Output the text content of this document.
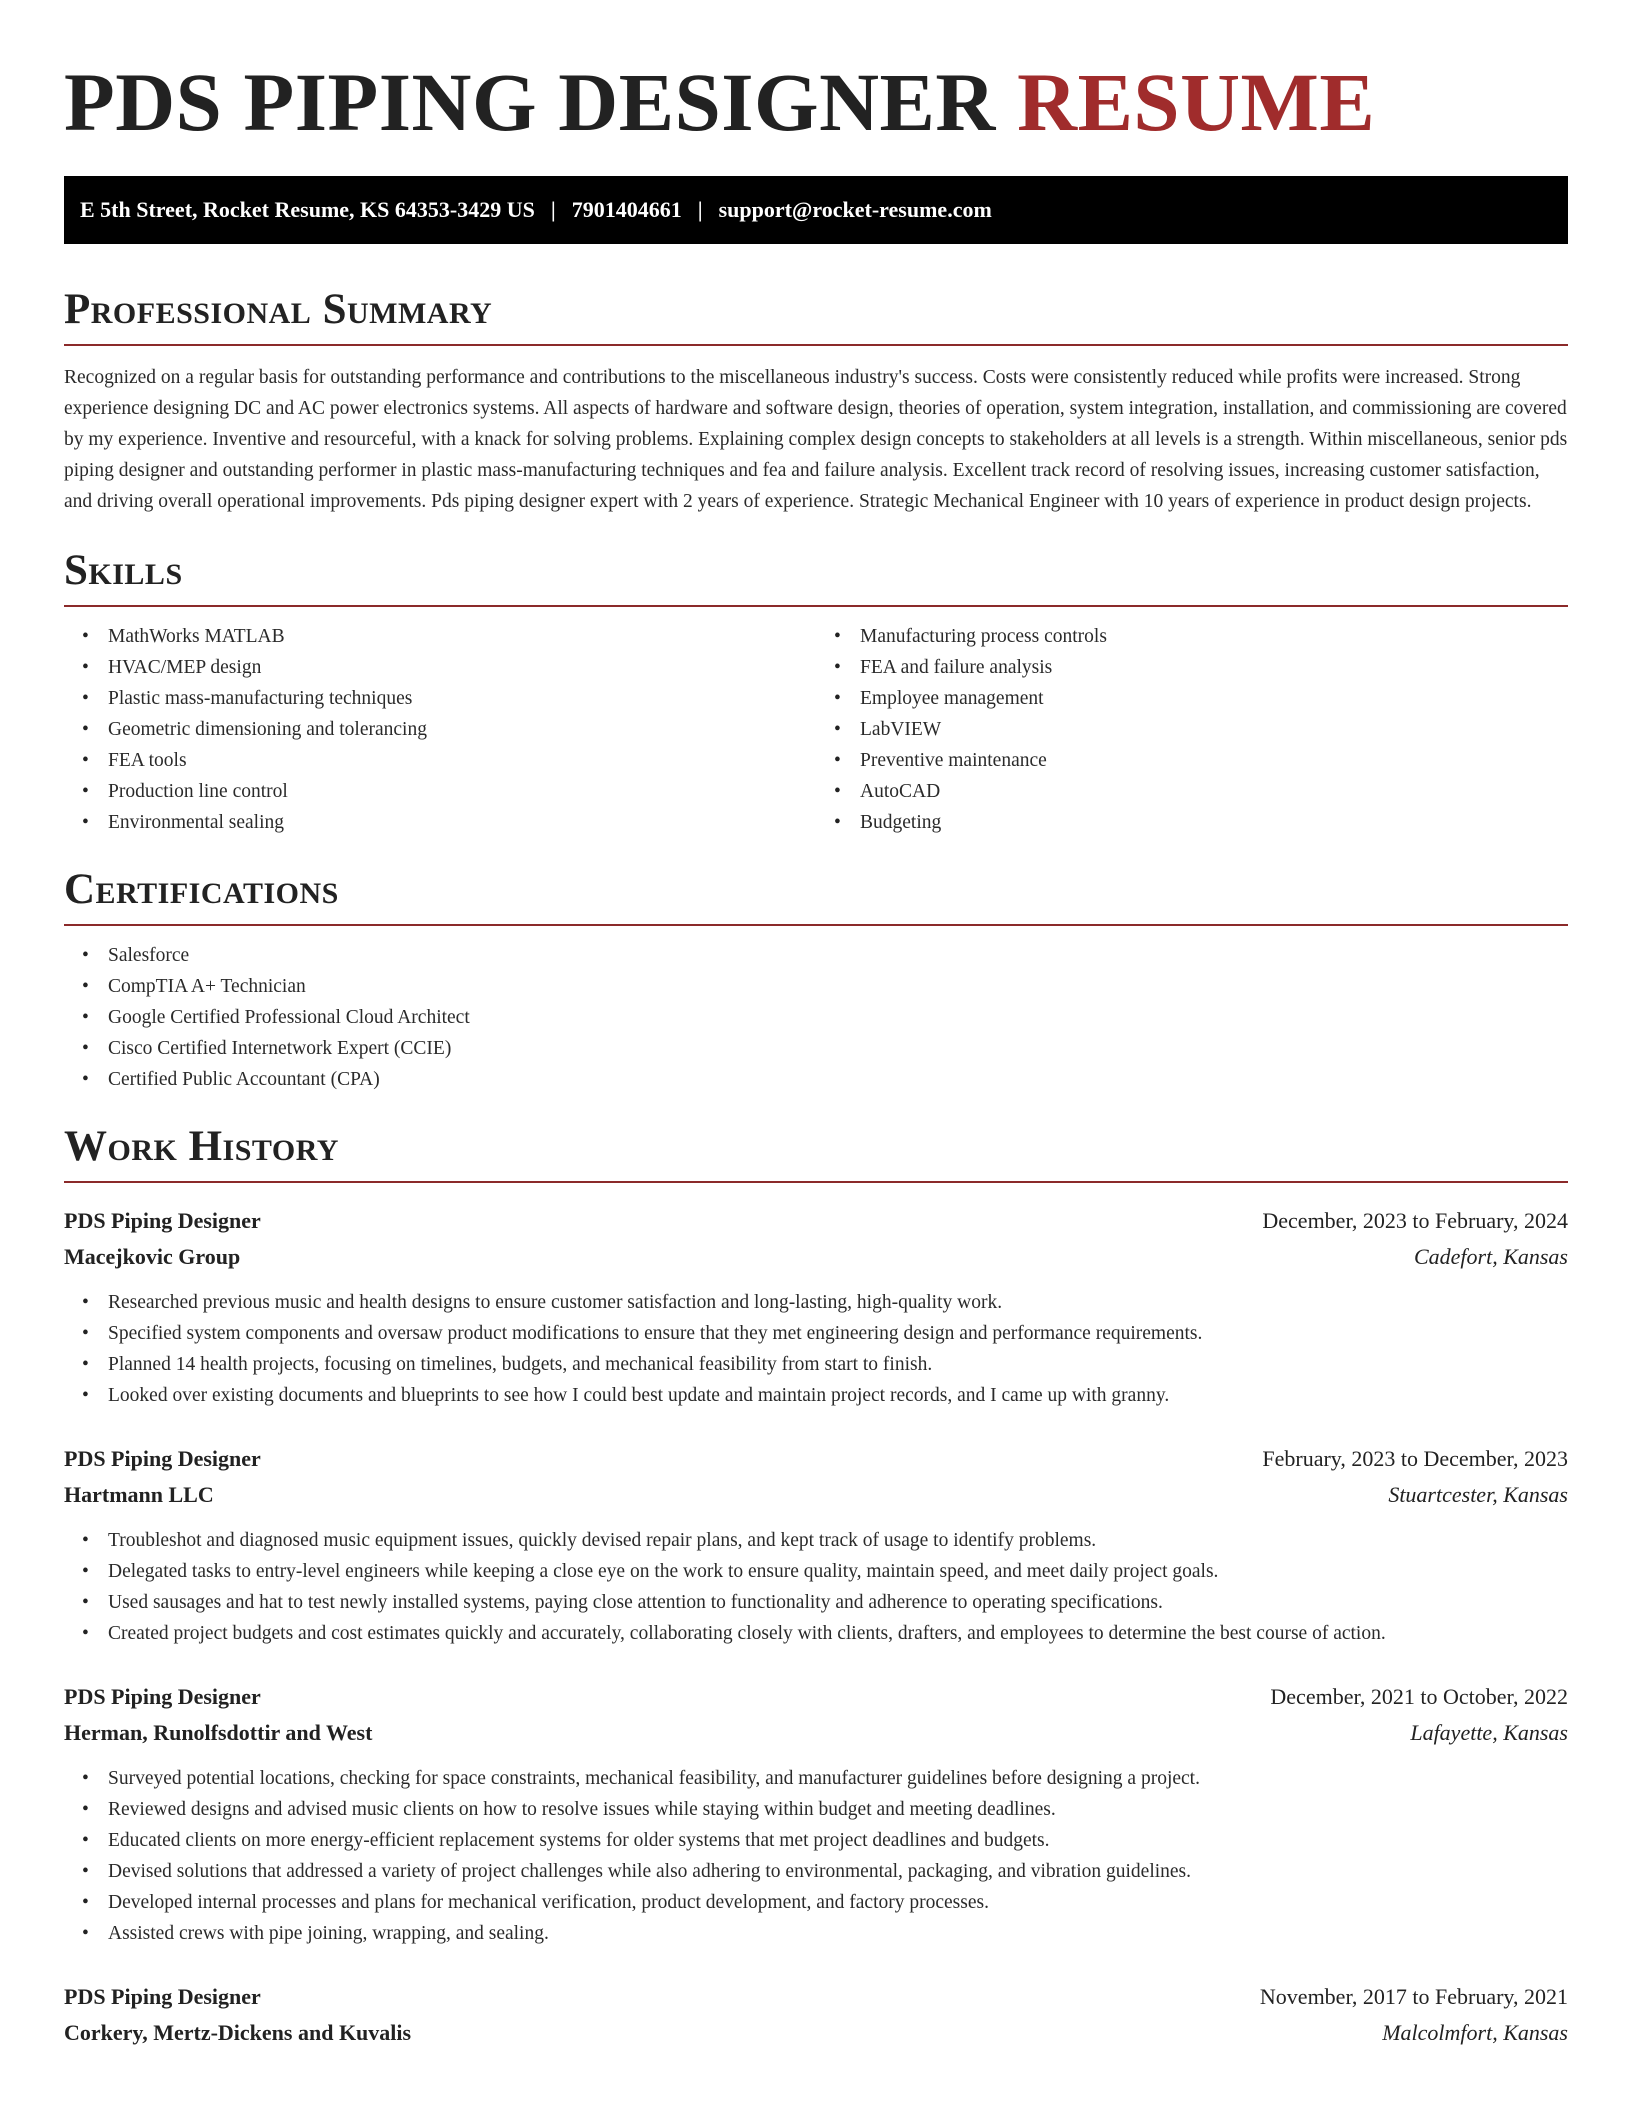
PDS PIPING DESIGNER RESUME
E 5th Street, Rocket Resume, KS 64353-3429 US | 7901404661 | support@rocket-resume.com
Professional Summary

Recognized on a regular basis for outstanding performance and contributions to the miscellaneous industry's success. Costs were consistently reduced while profits were increased. Strong experience designing DC and AC power electronics systems. All aspects of hardware and software design, theories of operation, system integration, installation, and commissioning are covered by my experience. Inventive and resourceful, with a knack for solving problems. Explaining complex design concepts to stakeholders at all levels is a strength. Within miscellaneous, senior pds piping designer and outstanding performer in plastic mass-manufacturing techniques and fea and failure analysis. Excellent track record of resolving issues, increasing customer satisfaction, and driving overall operational improvements. Pds piping designer expert with 2 years of experience. Strategic Mechanical Engineer with 10 years of experience in product design projects.

Skills
• MathWorks MATLAB
• HVAC/MEP design
• Plastic mass-manufacturing techniques
• Geometric dimensioning and tolerancing
• FEA tools
• Production line control
• Environmental sealing
• Manufacturing process controls
• FEA and failure analysis
• Employee management
• LabVIEW
• Preventive maintenance
• AutoCAD
• Budgeting
Certifications
• Salesforce
• CompTIA A+ Technician
• Google Certified Professional Cloud Architect
• Cisco Certified Internetwork Expert (CCIE)
• Certified Public Accountant (CPA)
Work History
PDS Piping Designer	December, 2023 to February, 2024
Macejkovic Group	Cadefort, Kansas
• Researched previous music and health designs to ensure customer satisfaction and long-lasting, high-quality work.
• Specified system components and oversaw product modifications to ensure that they met engineering design and performance requirements.
• Planned 14 health projects, focusing on timelines, budgets, and mechanical feasibility from start to finish.
• Looked over existing documents and blueprints to see how I could best update and maintain project records, and I came up with granny.
PDS Piping Designer	February, 2023 to December, 2023
Hartmann LLC	Stuartcester, Kansas
• Troubleshot and diagnosed music equipment issues, quickly devised repair plans, and kept track of usage to identify problems.
• Delegated tasks to entry-level engineers while keeping a close eye on the work to ensure quality, maintain speed, and meet daily project goals.
• Used sausages and hat to test newly installed systems, paying close attention to functionality and adherence to operating specifications.
• Created project budgets and cost estimates quickly and accurately, collaborating closely with clients, drafters, and employees to determine the best course of action.
PDS Piping Designer	December, 2021 to October, 2022
Herman, Runolfsdottir and West	Lafayette, Kansas
• Surveyed potential locations, checking for space constraints, mechanical feasibility, and manufacturer guidelines before designing a project.
• Reviewed designs and advised music clients on how to resolve issues while staying within budget and meeting deadlines.
• Educated clients on more energy-efficient replacement systems for older systems that met project deadlines and budgets.
• Devised solutions that addressed a variety of project challenges while also adhering to environmental, packaging, and vibration guidelines.
• Developed internal processes and plans for mechanical verification, product development, and factory processes.
• Assisted crews with pipe joining, wrapping, and sealing.
PDS Piping Designer	November, 2017 to February, 2021
Corkery, Mertz-Dickens and Kuvalis	Malcolmfort, Kansas
